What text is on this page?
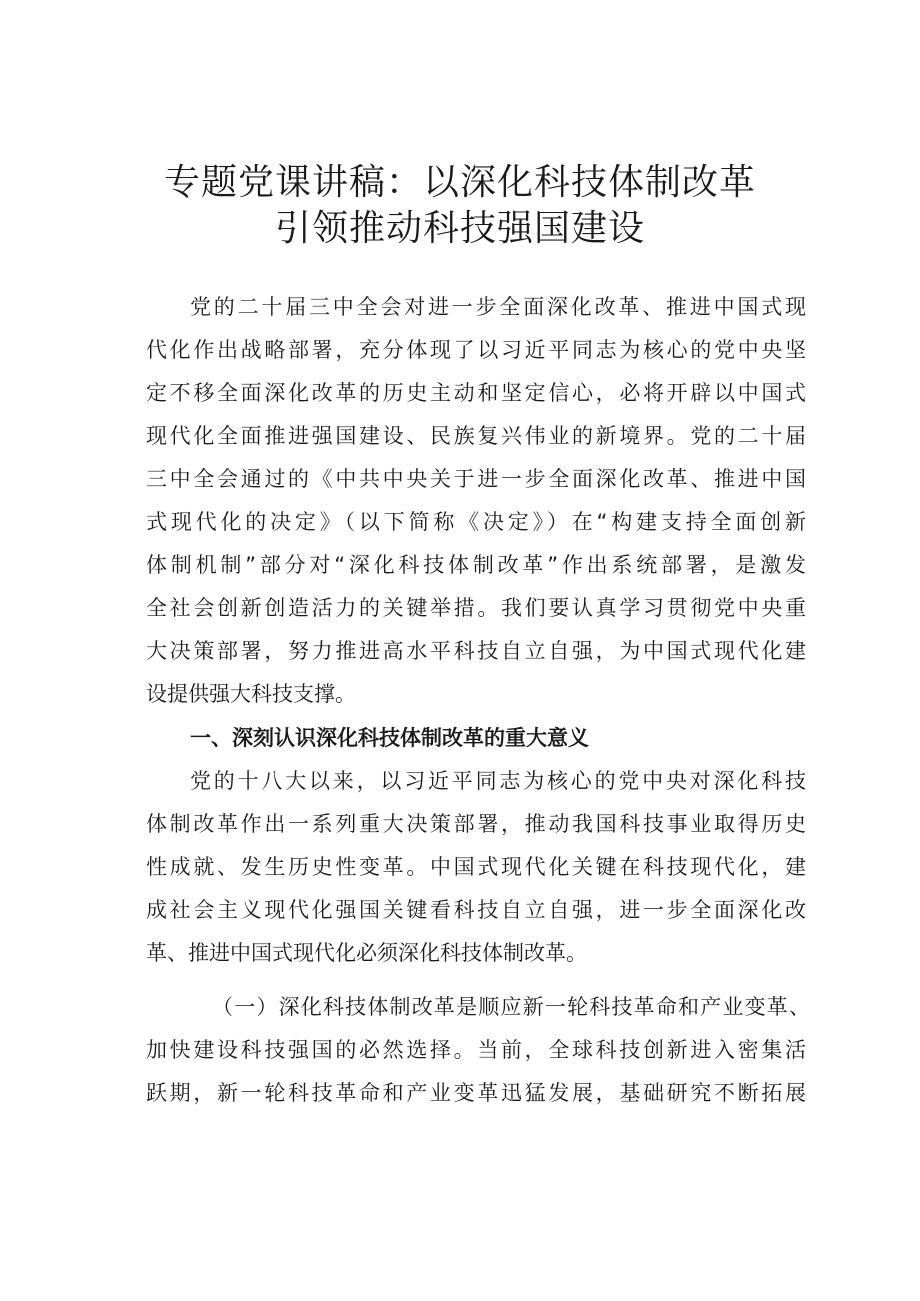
专题党课讲稿：以深化科技体制改革
引领推动科技强国建设
党的二十届三中全会对进一步全面深化改革、推进中国式现
代化作出战略部署，充分体现了以习近平同志为核心的党中央坚
定不移全面深化改革的历史主动和坚定信心，必将开辟以中国式
现代化全面推进强国建设、民族复兴伟业的新境界。党的二十届
三中全会通过的《中共中央关于进一步全面深化改革、推进中国
式现代化的决定》（以下简称《决定》）在“构建支持全面创新
体制机制”部分对“深化科技体制改革”作出系统部署，是激发
全社会创新创造活力的关键举措。我们要认真学习贯彻党中央重
大决策部署，努力推进高水平科技自立自强，为中国式现代化建
设提供强大科技支撑。
一、深刻认识深化科技体制改革的重大意义
党的十八大以来，以习近平同志为核心的党中央对深化科技
体制改革作出一系列重大决策部署，推动我国科技事业取得历史
性成就、发生历史性变革。中国式现代化关键在科技现代化，建
成社会主义现代化强国关键看科技自立自强，进一步全面深化改
革、推进中国式现代化必须深化科技体制改革。
（一）深化科技体制改革是顺应新一轮科技革命和产业变革、
加快建设科技强国的必然选择。当前，全球科技创新进入密集活
跃期，新一轮科技革命和产业变革迅猛发展，基础研究不断拓展
